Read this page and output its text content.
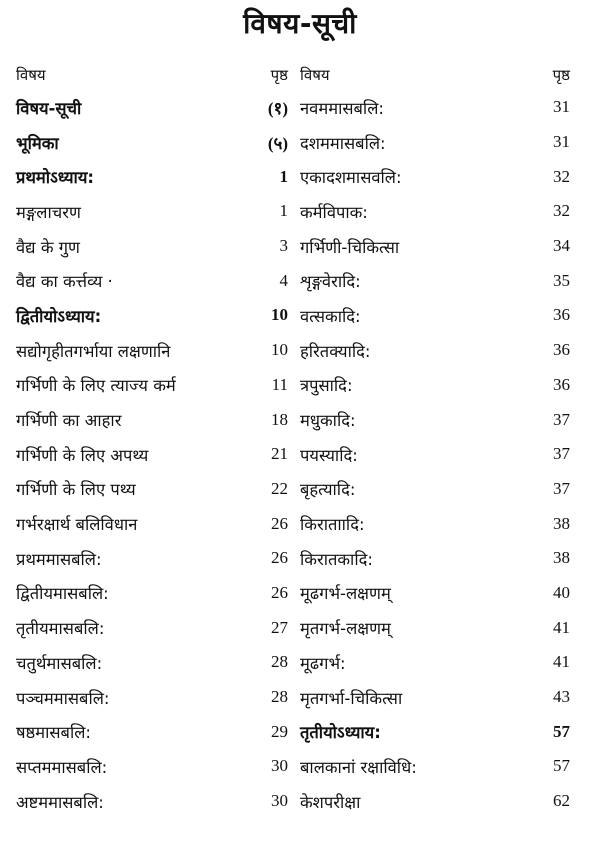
विषय-सूची
विषय	पृष्ठ
विषय-सूची	(१)
भूमिका	(५)
प्रथमोऽध्याय:	1
मङ्गलाचरण	1
वैद्य के गुण	3
वैद्य का कर्त्तव्य ·	4
द्वितीयोऽध्याय:	10
सद्योगृहीतगर्भाया लक्षणानि	10
गर्भिणी के लिए त्याज्य कर्म	11
गर्भिणी का आहार	18
गर्भिणी के लिए अपथ्य	21
गर्भिणी के लिए पथ्य	22
गर्भरक्षार्थ बलिविधान	26
प्रथममासबलि:	26
द्वितीयमासबलि:	26
तृतीयमासबलि:	27
चतुर्थमासबलि:	28
पञ्चममासबलि:	28
षष्ठमासबलि:	29
सप्तममासबलि:	30
अष्टममासबलि:	30
विषय	पृष्ठ
नवममासबलि:	31
दशममासबलि:	31
एकादशमासवलि:	32
कर्मविपाक:	32
गर्भिणी-चिकित्सा	34
शृङ्गवेरादि:	35
वत्सकादि:	36
हरितक्यादि:	36
त्रपुसादि:	36
मधुकादि:	37
पयस्यादि:	37
बृहत्यादि:	37
किराताादि:	38
किरातकादि:	38
मूढगर्भ-लक्षणम्	40
मृतगर्भ-लक्षणम्	41
मूढगर्भ:	41
मृतगर्भा-चिकित्सा	43
तृतीयोऽध्याय:	57
बालकानां रक्षाविधि:	57
केशपरीक्षा	62
